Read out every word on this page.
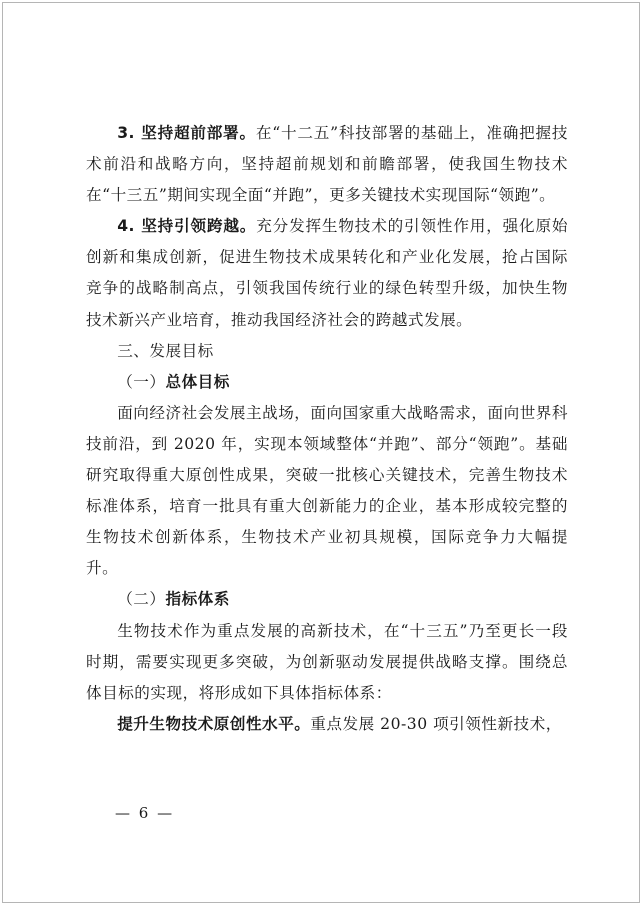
3. 坚持超前部署。在“十二五”科技部署的基础上，准确把握技术前沿和战略方向，坚持超前规划和前瞻部署，使我国生物技术在“十三五”期间实现全面“并跑”，更多关键技术实现国际“领跑”。

4. 坚持引领跨越。充分发挥生物技术的引领性作用，强化原始创新和集成创新，促进生物技术成果转化和产业化发展，抢占国际竞争的战略制高点，引领我国传统行业的绿色转型升级，加快生物技术新兴产业培育，推动我国经济社会的跨越式发展。

三、发展目标

（一）总体目标

面向经济社会发展主战场，面向国家重大战略需求，面向世界科技前沿，到 2020 年，实现本领域整体“并跑”、部分“领跑”。基础研究取得重大原创性成果，突破一批核心关键技术，完善生物技术标准体系，培育一批具有重大创新能力的企业，基本形成较完整的生物技术创新体系，生物技术产业初具规模，国际竞争力大幅提升。

（二）指标体系

生物技术作为重点发展的高新技术，在“十三五”乃至更长一段时期，需要实现更多突破，为创新驱动发展提供战略支撑。围绕总体目标的实现，将形成如下具体指标体系：

提升生物技术原创性水平。重点发展 20-30 项引领性新技术，

— 6 —
